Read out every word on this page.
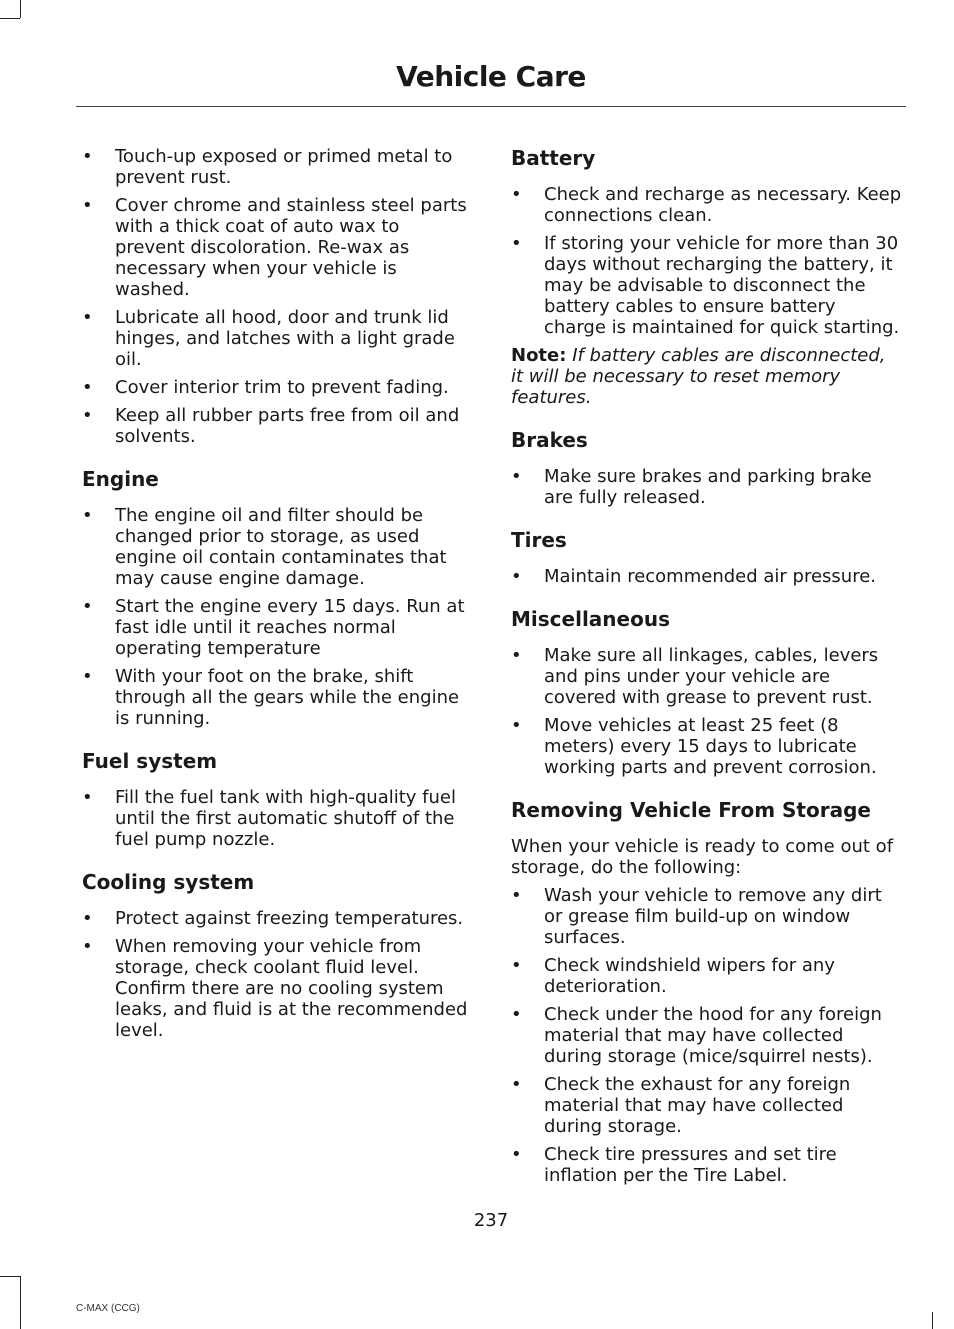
Vehicle Care
• Touch-up exposed or primed metal to prevent rust.
• Cover chrome and stainless steel parts with a thick coat of auto wax to prevent discoloration. Re-wax as necessary when your vehicle is washed.
• Lubricate all hood, door and trunk lid hinges, and latches with a light grade oil.
• Cover interior trim to prevent fading.
• Keep all rubber parts free from oil and solvents.
Engine
• The engine oil and filter should be changed prior to storage, as used engine oil contain contaminates that may cause engine damage.
• Start the engine every 15 days. Run at fast idle until it reaches normal operating temperature
• With your foot on the brake, shift through all the gears while the engine is running.
Fuel system
• Fill the fuel tank with high-quality fuel until the first automatic shutoff of the fuel pump nozzle.
Cooling system
• Protect against freezing temperatures.
• When removing your vehicle from storage, check coolant fluid level. Confirm there are no cooling system leaks, and fluid is at the recommended level.
Battery
• Check and recharge as necessary. Keep connections clean.
• If storing your vehicle for more than 30 days without recharging the battery, it may be advisable to disconnect the battery cables to ensure battery charge is maintained for quick starting.

Note: If battery cables are disconnected, it will be necessary to reset memory features.

Brakes
• Make sure brakes and parking brake are fully released.
Tires
• Maintain recommended air pressure.
Miscellaneous
• Make sure all linkages, cables, levers and pins under your vehicle are covered with grease to prevent rust.
• Move vehicles at least 25 feet (8 meters) every 15 days to lubricate working parts and prevent corrosion.
Removing Vehicle From Storage

When your vehicle is ready to come out of storage, do the following:

• Wash your vehicle to remove any dirt or grease film build-up on window surfaces.
• Check windshield wipers for any deterioration.
• Check under the hood for any foreign material that may have collected during storage (mice/squirrel nests).
• Check the exhaust for any foreign material that may have collected during storage.
• Check tire pressures and set tire inflation per the Tire Label.

237

C-MAX (CCG)
